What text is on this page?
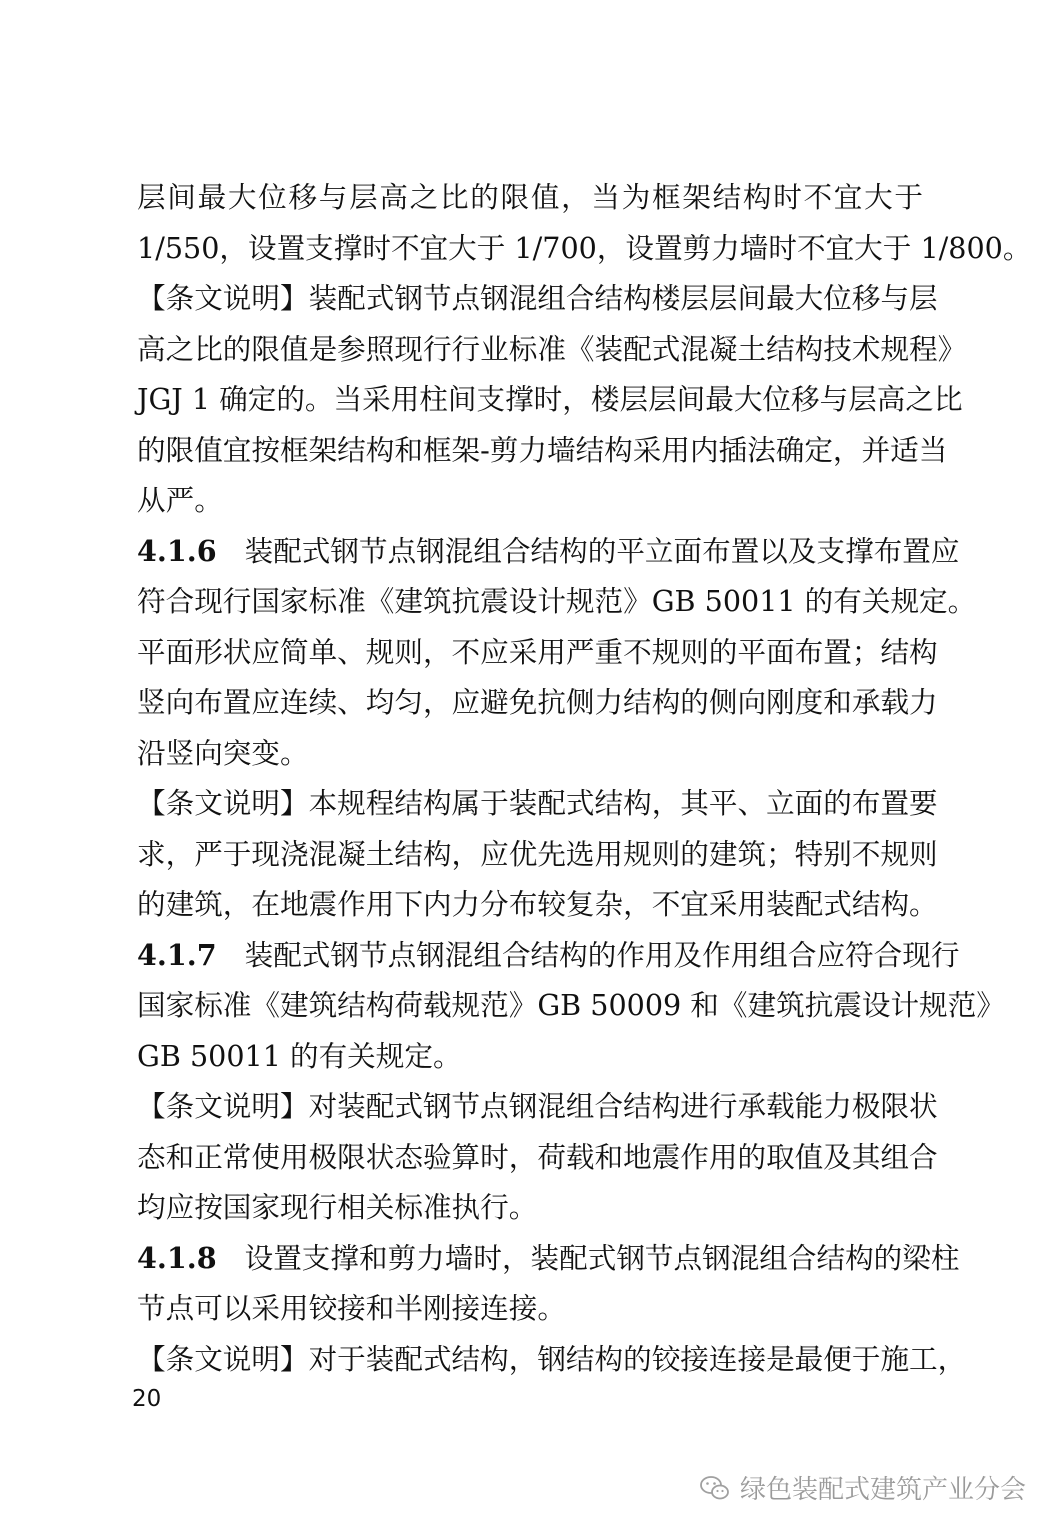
层间最大位移与层高之比的限值，当为框架结构时不宜大于
1/550，设置支撑时不宜大于 1/700，设置剪力墙时不宜大于 1/800。
【条文说明】装配式钢节点钢混组合结构楼层层间最大位移与层
高之比的限值是参照现行行业标准《装配式混凝土结构技术规程》
JGJ 1 确定的。当采用柱间支撑时，楼层层间最大位移与层高之比
的限值宜按框架结构和框架-剪力墙结构采用内插法确定，并适当
从严。
4.1.6 装配式钢节点钢混组合结构的平立面布置以及支撑布置应
符合现行国家标准《建筑抗震设计规范》GB 50011 的有关规定。
平面形状应简单、规则，不应采用严重不规则的平面布置；结构
竖向布置应连续、均匀，应避免抗侧力结构的侧向刚度和承载力
沿竖向突变。
【条文说明】本规程结构属于装配式结构，其平、立面的布置要
求，严于现浇混凝土结构，应优先选用规则的建筑；特别不规则
的建筑，在地震作用下内力分布较复杂，不宜采用装配式结构。
4.1.7 装配式钢节点钢混组合结构的作用及作用组合应符合现行
国家标准《建筑结构荷载规范》GB 50009 和《建筑抗震设计规范》
GB 50011 的有关规定。
【条文说明】对装配式钢节点钢混组合结构进行承载能力极限状
态和正常使用极限状态验算时，荷载和地震作用的取值及其组合
均应按国家现行相关标准执行。
4.1.8 设置支撑和剪力墙时，装配式钢节点钢混组合结构的梁柱
节点可以采用铰接和半刚接连接。
【条文说明】对于装配式结构，钢结构的铰接连接是最便于施工，
20
绿色装配式建筑产业分会
